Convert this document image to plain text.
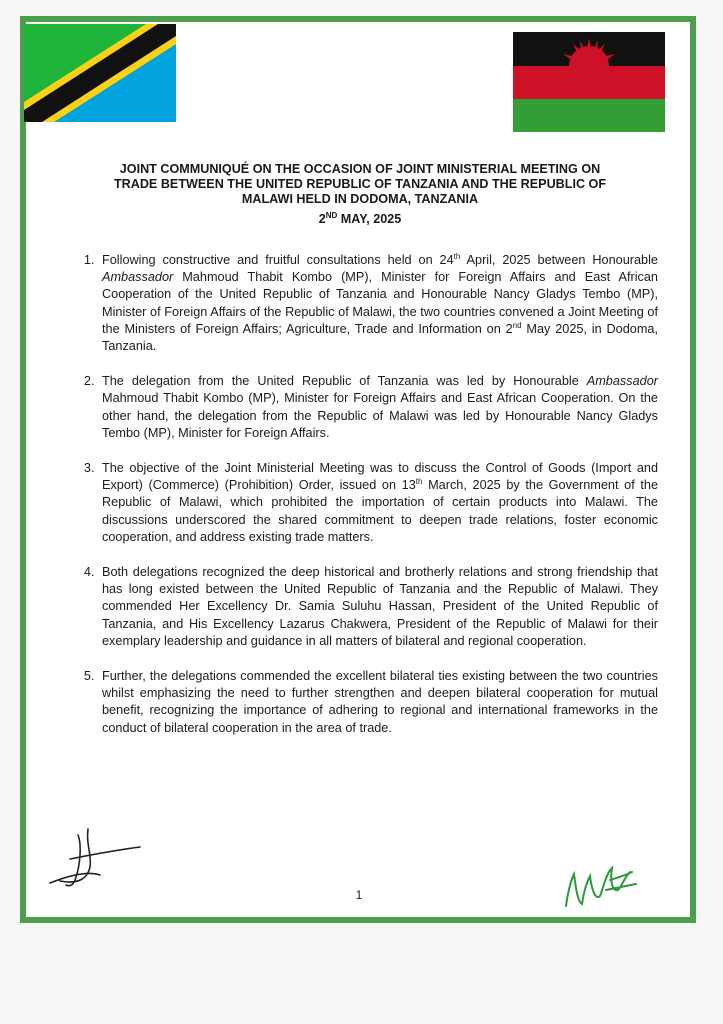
JOINT COMMUNIQUÉ ON THE OCCASION OF JOINT MINISTERIAL MEETING ON
TRADE BETWEEN THE UNITED REPUBLIC OF TANZANIA AND THE REPUBLIC OF
MALAWI HELD IN DODOMA, TANZANIA
2ND MAY, 2025
1. Following constructive and fruitful consultations held on 24th April, 2025 between Honourable Ambassador Mahmoud Thabit Kombo (MP), Minister for Foreign Affairs and East African Cooperation of the United Republic of Tanzania and Honourable Nancy Gladys Tembo (MP), Minister of Foreign Affairs of the Republic of Malawi, the two countries convened a Joint Meeting of the Ministers of Foreign Affairs; Agriculture, Trade and Information on 2nd May 2025, in Dodoma, Tanzania.
2. The delegation from the United Republic of Tanzania was led by Honourable Ambassador Mahmoud Thabit Kombo (MP), Minister for Foreign Affairs and East African Cooperation. On the other hand, the delegation from the Republic of Malawi was led by Honourable Nancy Gladys Tembo (MP), Minister for Foreign Affairs.
3. The objective of the Joint Ministerial Meeting was to discuss the Control of Goods (Import and Export) (Commerce) (Prohibition) Order, issued on 13th March, 2025 by the Government of the Republic of Malawi, which prohibited the importation of certain products into Malawi. The discussions underscored the shared commitment to deepen trade relations, foster economic cooperation, and address existing trade matters.
4. Both delegations recognized the deep historical and brotherly relations and strong friendship that has long existed between the United Republic of Tanzania and the Republic of Malawi. They commended Her Excellency Dr. Samia Suluhu Hassan, President of the United Republic of Tanzania, and His Excellency Lazarus Chakwera, President of the Republic of Malawi for their exemplary leadership and guidance in all matters of bilateral and regional cooperation.
5. Further, the delegations commended the excellent bilateral ties existing between the two countries whilst emphasizing the need to further strengthen and deepen bilateral cooperation for mutual benefit, recognizing the importance of adhering to regional and international frameworks in the conduct of bilateral cooperation in the area of trade.
1
